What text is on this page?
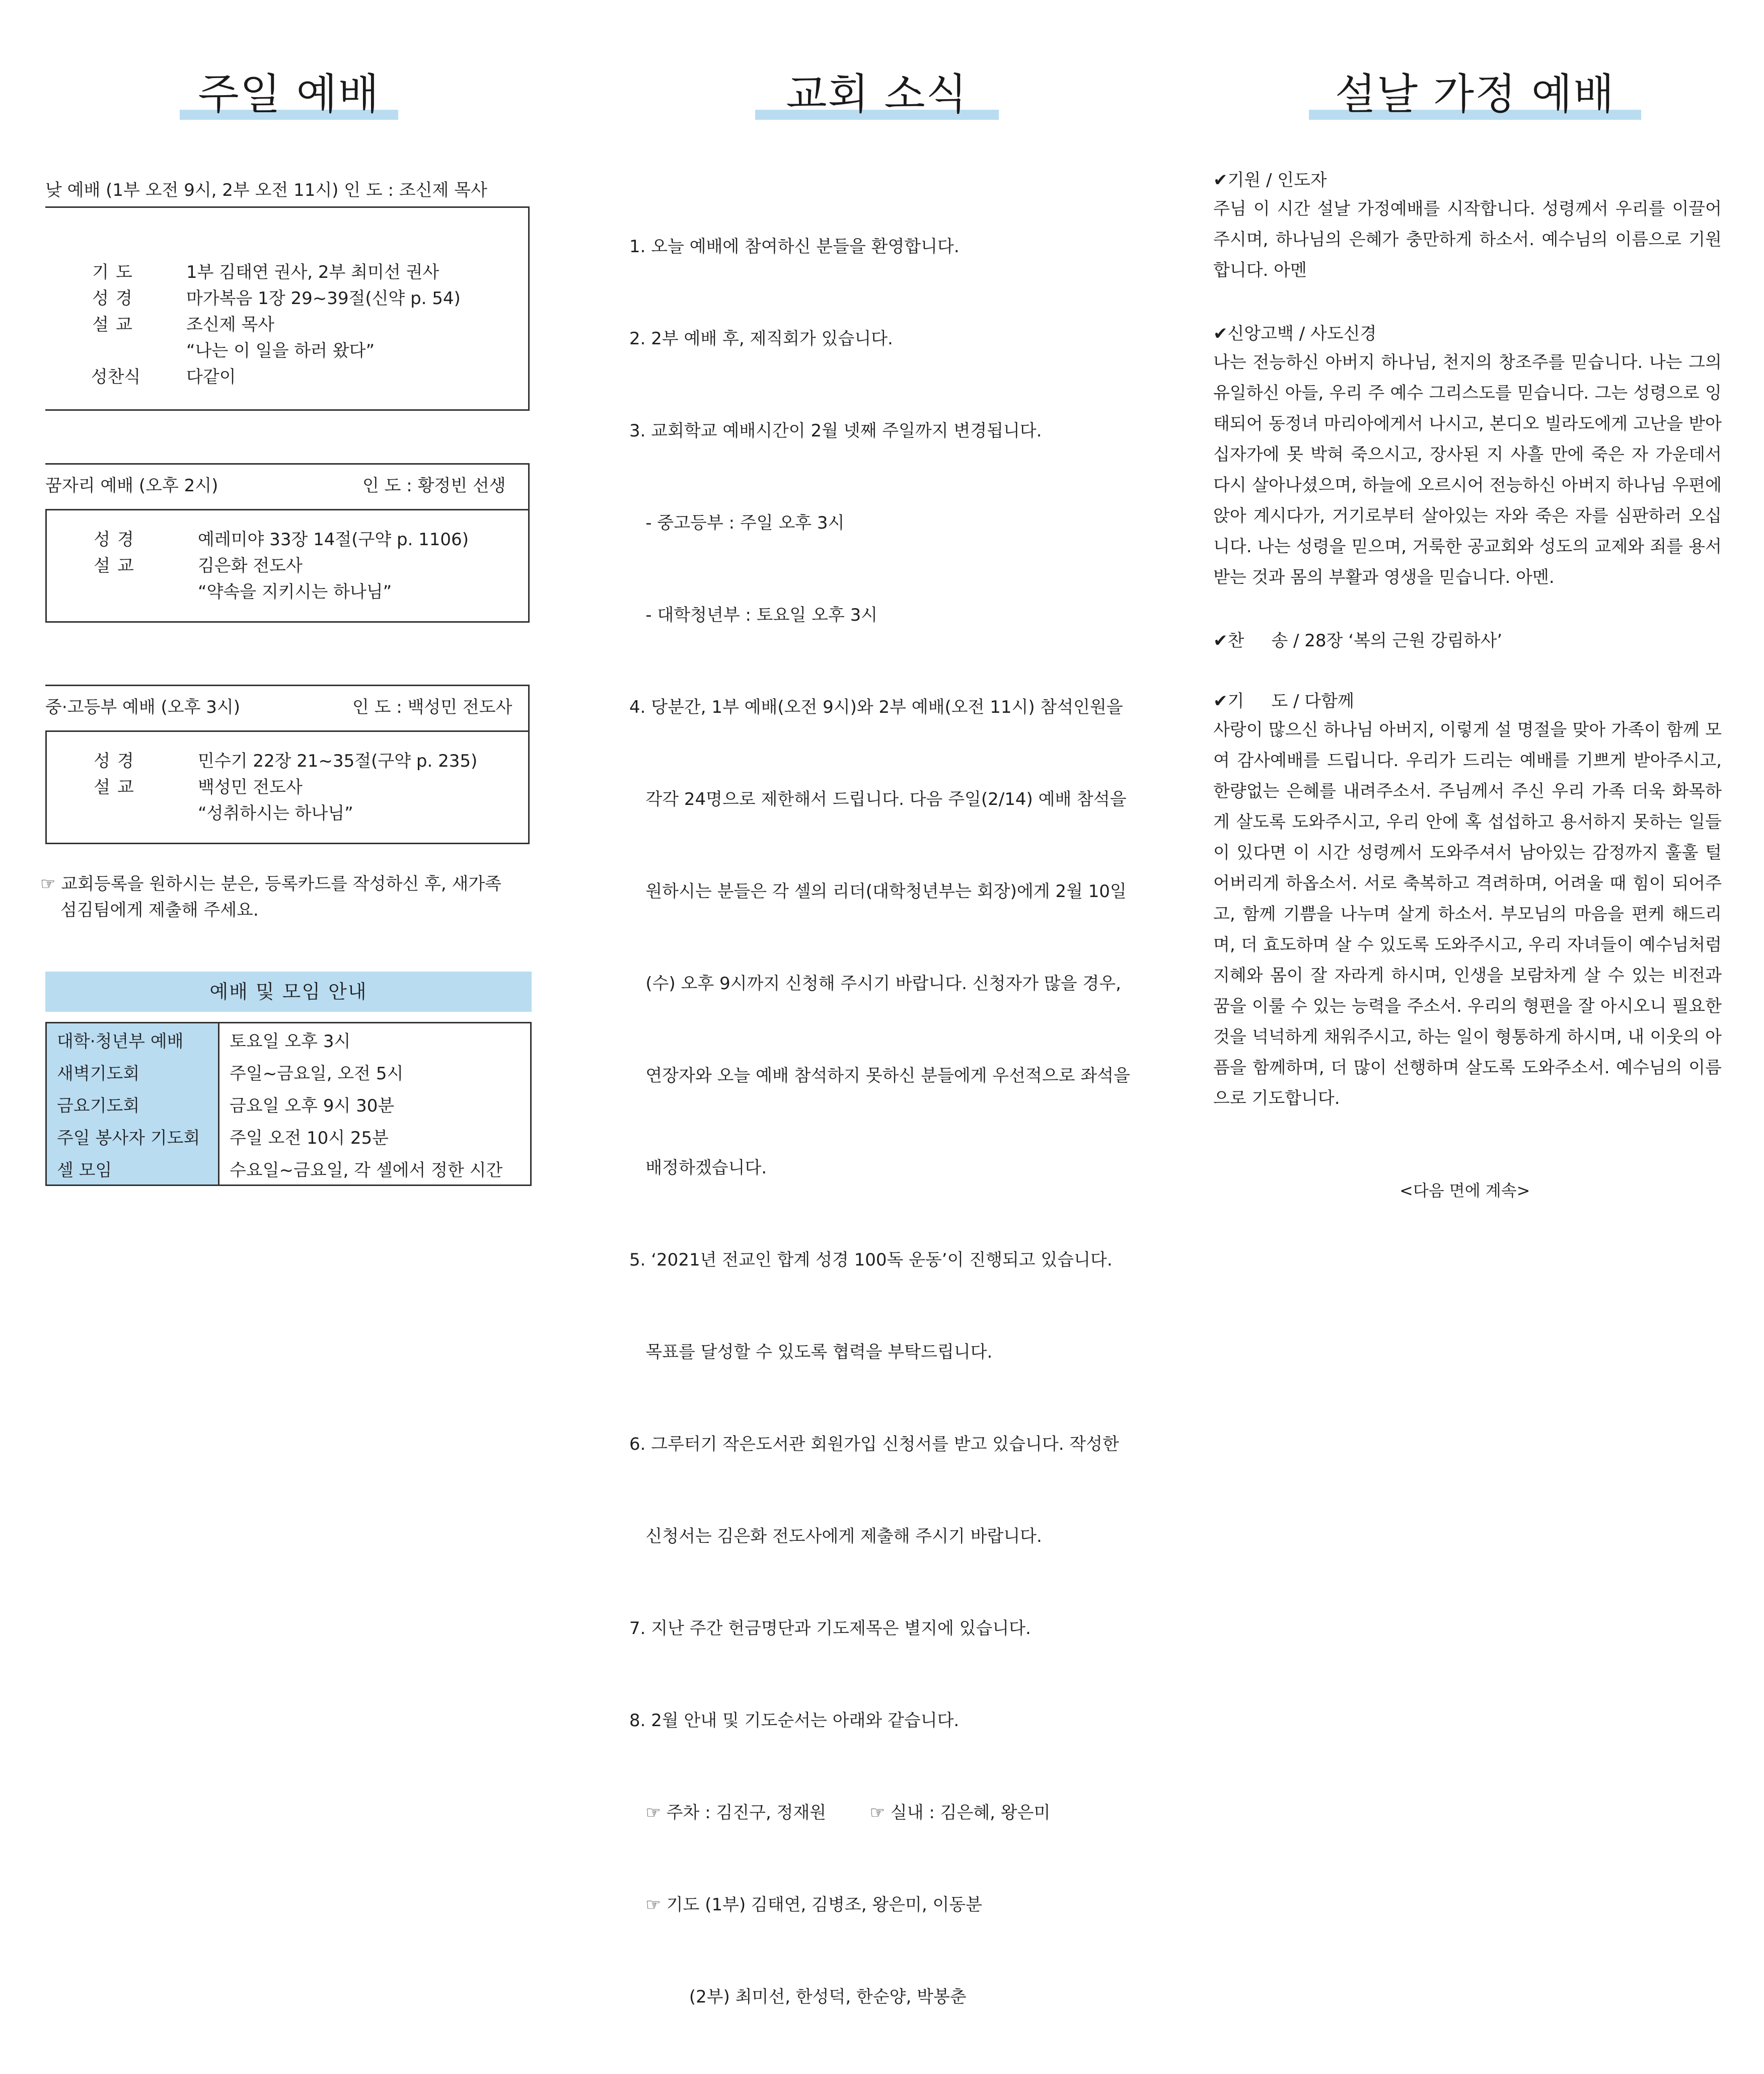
주일 예배
낮 예배 (1부 오전 9시, 2부 오전 11시) 인 도 : 조신제 목사
기도	1부 김태연 권사, 2부 최미선 권사
성경	마가복음 1장 29~39절(신약 p. 54)
설교	조신제 목사
“나는 이 일을 하러 왔다”
성찬식	다같이
꿈자리 예배 (오후 2시)	인 도 : 황정빈 선생
성경	예레미야 33장 14절(구약 p. 1106)
설교	김은화 전도사
“약속을 지키시는 하나님”
중·고등부 예배 (오후 3시)	인 도 : 백성민 전도사
성경	민수기 22장 21~35절(구약 p. 235)
설교	백성민 전도사
“성취하시는 하나님”
☞ 교회등록을 원하시는 분은, 등록카드를 작성하신 후, 새가족
섬김팀에게 제출해 주세요.
예배 및 모임 안내
대학·청년부 예배	토요일 오후 3시
새벽기도회	주일~금요일, 오전 5시
금요기도회	금요일 오후 9시 30분
주일 봉사자 기도회	주일 오전 10시 25분
셀 모임	수요일~금요일, 각 셀에서 정한 시간
교회 소식

1. 오늘 예배에 참여하신 분들을 환영합니다.

2. 2부 예배 후, 제직회가 있습니다.

3. 교회학교 예배시간이 2월 넷째 주일까지 변경됩니다.

- 중고등부 : 주일 오후 3시

- 대학청년부 : 토요일 오후 3시

4. 당분간, 1부 예배(오전 9시)와 2부 예배(오전 11시) 참석인원을

각각 24명으로 제한해서 드립니다. 다음 주일(2/14) 예배 참석을

원하시는 분들은 각 셀의 리더(대학청년부는 회장)에게 2월 10일

(수) 오후 9시까지 신청해 주시기 바랍니다. 신청자가 많을 경우,

연장자와 오늘 예배 참석하지 못하신 분들에게 우선적으로 좌석을

배정하겠습니다.

5. ‘2021년 전교인 합계 성경 100독 운동’이 진행되고 있습니다.

목표를 달성할 수 있도록 협력을 부탁드립니다.

6. 그루터기 작은도서관 회원가입 신청서를 받고 있습니다. 작성한

신청서는 김은화 전도사에게 제출해 주시기 바랍니다.

7. 지난 주간 헌금명단과 기도제목은 별지에 있습니다.

8. 2월 안내 및 기도순서는 아래와 같습니다.

☞ 주차 : 김진구, 정재원        ☞ 실내 : 김은혜, 왕은미

☞ 기도 (1부) 김태연, 김병조, 왕은미, 이동분

(2부) 최미선, 한성덕, 한순양, 박봉춘

설날 가정 예배
✔기원 / 인도자
주님 이 시간 설날 가정예배를 시작합니다. 성령께서 우리를 이끌어 주시며, 하나님의 은혜가 충만하게 하소서. 예수님의 이름으로 기원합니다. 아멘
✔신앙고백 / 사도신경
나는 전능하신 아버지 하나님, 천지의 창조주를 믿습니다. 나는 그의 유일하신 아들, 우리 주 예수 그리스도를 믿습니다. 그는 성령으로 잉태되어 동정녀 마리아에게서 나시고, 본디오 빌라도에게 고난을 받아 십자가에 못 박혀 죽으시고, 장사된 지 사흘 만에 죽은 자 가운데서 다시 살아나셨으며, 하늘에 오르시어 전능하신 아버지 하나님 우편에 앉아 계시다가, 거기로부터 살아있는 자와 죽은 자를 심판하러 오십니다. 나는 성령을 믿으며, 거룩한 공교회와 성도의 교제와 죄를 용서 받는 것과 몸의 부활과 영생을 믿습니다. 아멘.
✔찬     송 / 28장 ‘복의 근원 강림하사’
✔기     도 / 다함께
사랑이 많으신 하나님 아버지, 이렇게 설 명절을 맞아 가족이 함께 모여 감사예배를 드립니다. 우리가 드리는 예배를 기쁘게 받아주시고, 한량없는 은혜를 내려주소서. 주님께서 주신 우리 가족 더욱 화목하게 살도록 도와주시고, 우리 안에 혹 섭섭하고 용서하지 못하는 일들이 있다면 이 시간 성령께서 도와주셔서 남아있는 감정까지 훌훌 털어버리게 하옵소서. 서로 축복하고 격려하며, 어려울 때 힘이 되어주고, 함께 기쁨을 나누며 살게 하소서. 부모님의 마음을 편케 해드리며, 더 효도하며 살 수 있도록 도와주시고, 우리 자녀들이 예수님처럼 지혜와 몸이 잘 자라게 하시며, 인생을 보람차게 살 수 있는 비전과 꿈을 이룰 수 있는 능력을 주소서. 우리의 형편을 잘 아시오니 필요한 것을 넉넉하게 채워주시고, 하는 일이 형통하게 하시며, 내 이웃의 아픔을 함께하며, 더 많이 선행하며 살도록 도와주소서. 예수님의 이름으로 기도합니다.
<다음 면에 계속>
